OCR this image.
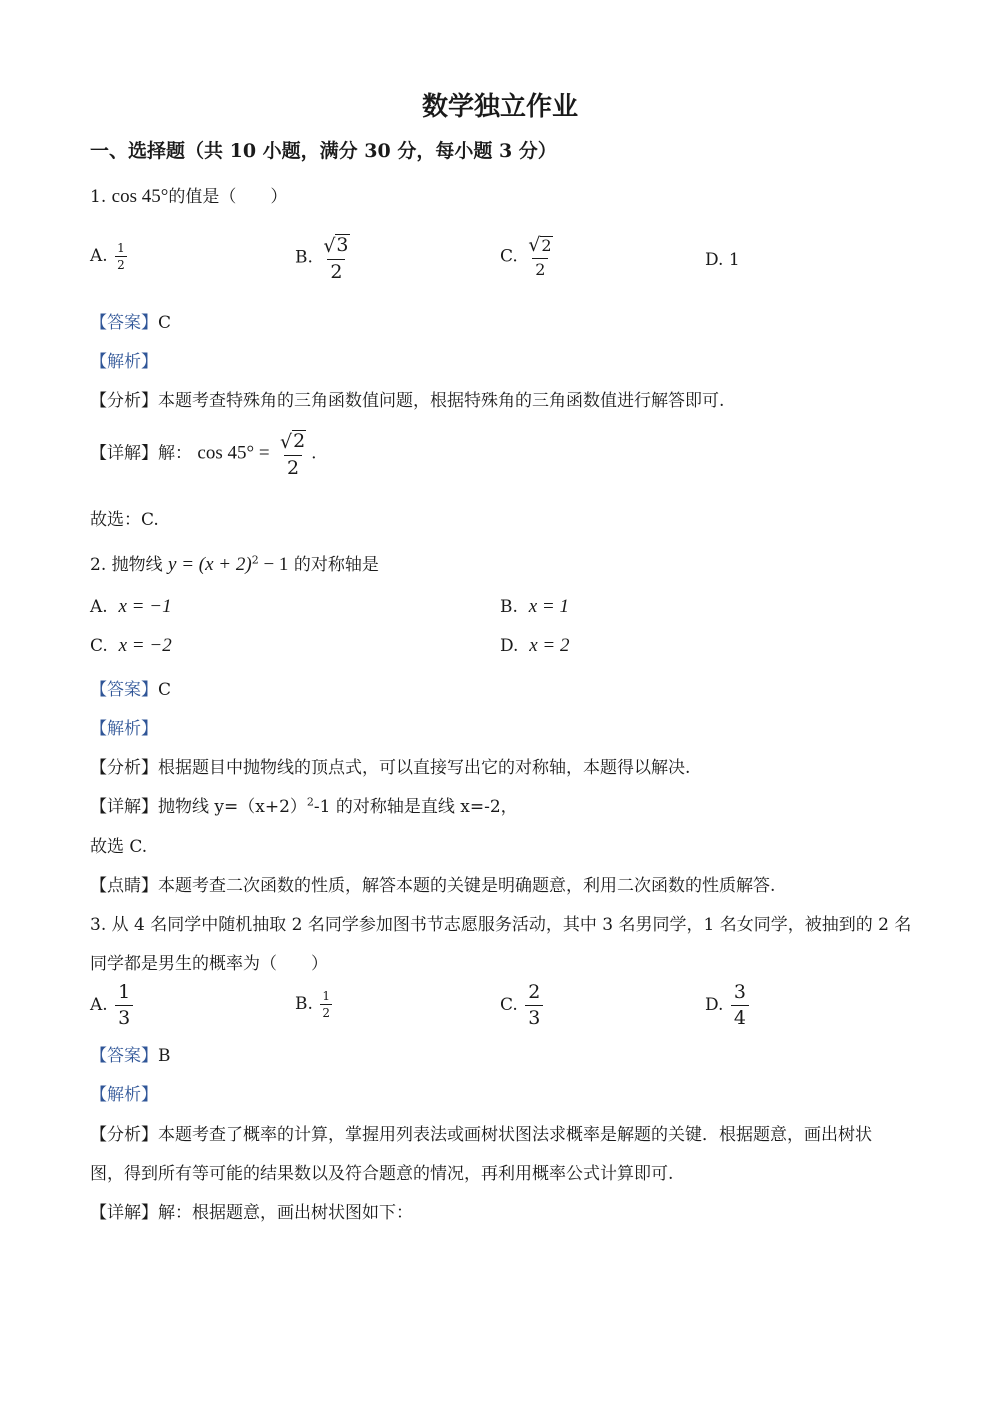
数学独立作业
一、选择题（共 10 小题，满分 30 分，每小题 3 分）
1. cos 45°的值是（　　）
A. $\frac{1}{2}$	B. $\frac{√ 3}{2}$	C. $\frac{√ 2}{2}$	D. 1
【答案】C
【解析】
【分析】本题考查特殊角的三角函数值问题，根据特殊角的三角函数值进行解答即可.
【详解】解： $\cos 45^\circ = \frac{√ 2}{2}$ .
故选：C.
2. 抛物线 $y = (x + 2)^2 - 1$ 的对称轴是
A. x = −1	B. x = 1
C. x = −2	D. x = 2
【答案】C
【解析】
【分析】根据题目中抛物线的顶点式，可以直接写出它的对称轴，本题得以解决.
【详解】抛物线 $y=(x+2)^2-1$ 的对称轴是直线 x=-2，
故选 C.
【点睛】本题考查二次函数的性质，解答本题的关键是明确题意，利用二次函数的性质解答.
3. 从 4 名同学中随机抽取 2 名同学参加图书节志愿服务活动，其中 3 名男同学，1 名女同学，被抽到的 2 名
同学都是男生的概率为（　　）
A. $\frac{1}{3}$	B. $\frac{1}{2}$	C. $\frac{2}{3}$	D. $\frac{3}{4}$
【答案】B
【解析】
【分析】本题考查了概率的计算，掌握用列表法或画树状图法求概率是解题的关键．根据题意，画出树状
图，得到所有等可能的结果数以及符合题意的情况，再利用概率公式计算即可.
【详解】解：根据题意，画出树状图如下：
